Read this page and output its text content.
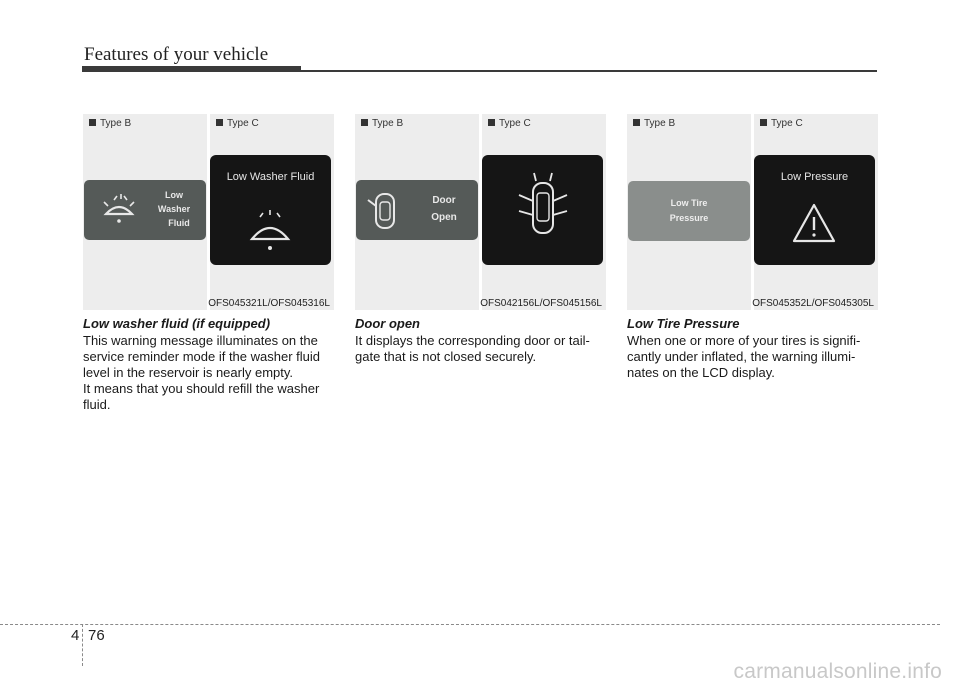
Features of your vehicle
Type B
Low
Washer
Fluid
Type C
Low Washer Fluid
OFS045321L/OFS045316L
Type B
Door
Open
Type C
OFS042156L/OFS045156L
Type B
Low Tire
Pressure
Type C
Low Pressure
OFS045352L/OFS045305L
Low washer fluid (if equipped)
This warning message illuminates on the
service reminder mode if the washer fluid
level in the reservoir is nearly empty.
It means that you should refill the washer
fluid.
Door open
It displays the corresponding door or tail-
gate that is not closed securely.
Low Tire Pressure
When one or more of your tires is signifi-
cantly under inflated, the warning illumi-
nates on the LCD display.
4 76
carmanualsonline.info
